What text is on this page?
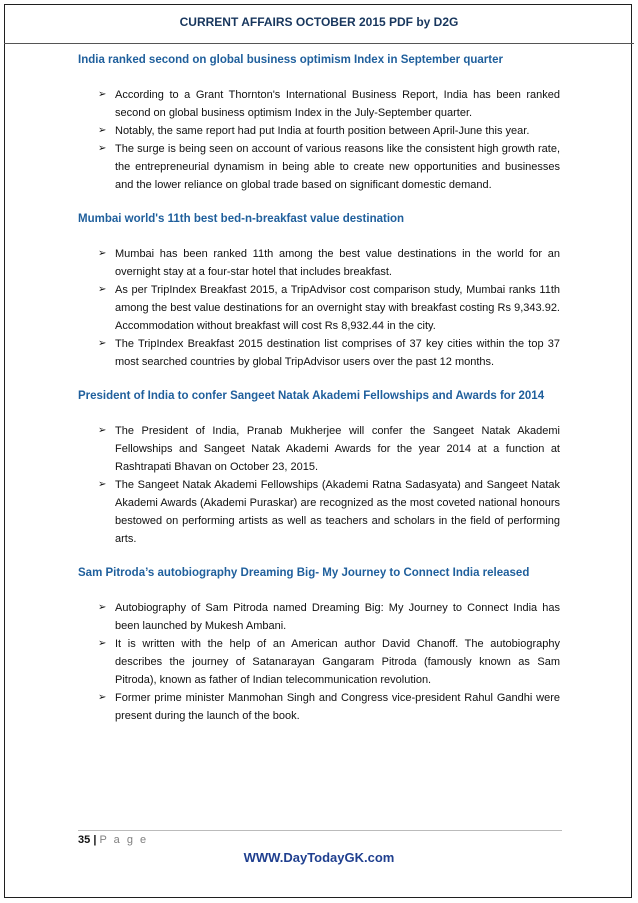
CURRENT AFFAIRS OCTOBER 2015 PDF by D2G
India ranked second on global business optimism Index in September quarter
➢ According to a Grant Thornton's International Business Report, India has been ranked second on global business optimism Index in the July-September quarter.
➢ Notably, the same report had put India at fourth position between April-June this year.
➢ The surge is being seen on account of various reasons like the consistent high growth rate, the entrepreneurial dynamism in being able to create new opportunities and businesses and the lower reliance on global trade based on significant domestic demand.
Mumbai world's 11th best bed-n-breakfast value destination
➢ Mumbai has been ranked 11th among the best value destinations in the world for an overnight stay at a four-star hotel that includes breakfast.
➢ As per TripIndex Breakfast 2015, a TripAdvisor cost comparison study, Mumbai ranks 11th among the best value destinations for an overnight stay with breakfast costing Rs 9,343.92. Accommodation without breakfast will cost Rs 8,932.44 in the city.
➢ The TripIndex Breakfast 2015 destination list comprises of 37 key cities within the top 37 most searched countries by global TripAdvisor users over the past 12 months.
President of India to confer Sangeet Natak Akademi Fellowships and Awards for 2014
➢ The President of India, Pranab Mukherjee will confer the Sangeet Natak Akademi Fellowships and Sangeet Natak Akademi Awards for the year 2014 at a function at Rashtrapati Bhavan on October 23, 2015.
➢ The Sangeet Natak Akademi Fellowships (Akademi Ratna Sadasyata) and Sangeet Natak Akademi Awards (Akademi Puraskar) are recognized as the most coveted national honours bestowed on performing artists as well as teachers and scholars in the field of performing arts.
Sam Pitroda’s autobiography Dreaming Big- My Journey to Connect India released
➢ Autobiography of Sam Pitroda named Dreaming Big: My Journey to Connect India has been launched by Mukesh Ambani.
➢ It is written with the help of an American author David Chanoff. The autobiography describes the journey of Satanarayan Gangaram Pitroda (famously known as Sam Pitroda), known as father of Indian telecommunication revolution.
➢ Former prime minister Manmohan Singh and Congress vice-president Rahul Gandhi were present during the launch of the book.
35 | P a g e
WWW.DayTodayGK.com
